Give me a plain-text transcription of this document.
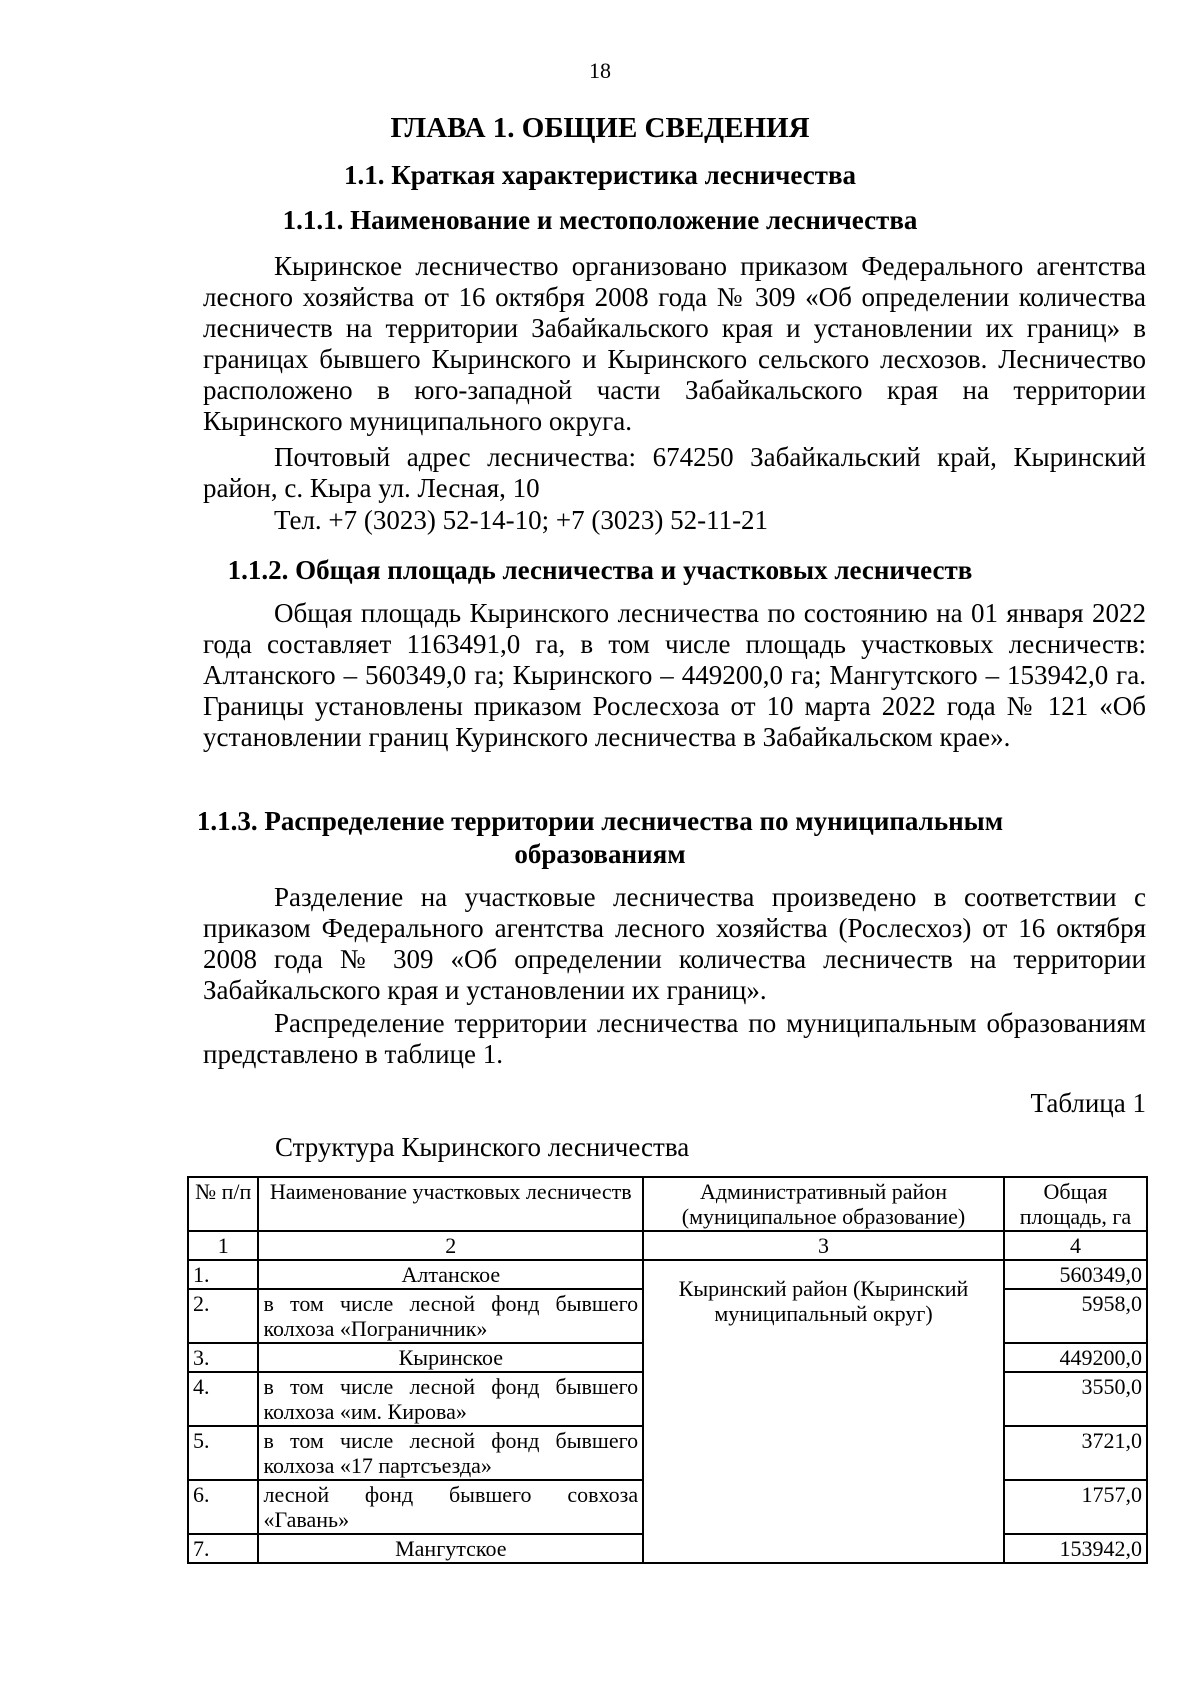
18
ГЛАВА 1. ОБЩИЕ СВЕДЕНИЯ
1.1. Краткая характеристика лесничества
1.1.1. Наименование и местоположение лесничества

Кыринское лесничество организовано приказом Федерального агентства лесного хозяйства от 16 октября 2008 года № 309 «Об определении количества лесничеств на территории Забайкальского края и установлении их границ» в границах бывшего Кыринского и Кыринского сельского лесхозов. Лесничество расположено в юго-западной части Забайкальского края на территории Кыринского муниципального округа.

Почтовый адрес лесничества: 674250 Забайкальский край, Кыринский район, с. Кыра ул. Лесная, 10

Тел. +7 (3023) 52-14-10; +7 (3023) 52-11-21

1.1.2. Общая площадь лесничества и участковых лесничеств

Общая площадь Кыринского лесничества по состоянию на 01 января 2022 года составляет 1163491,0 га, в том числе площадь участковых лесничеств: Алтанского – 560349,0 га; Кыринского – 449200,0 га; Мангутского – 153942,0 га. Границы установлены приказом Рослесхоза от 10 марта 2022 года № 121 «Об установлении границ Куринского лесничества в Забайкальском крае».

1.1.3. Распределение территории лесничества по муниципальным
образованиям

Разделение на участковые лесничества произведено в соответствии с приказом Федерального агентства лесного хозяйства (Рослесхоз) от 16 октября 2008 года № 309 «Об определении количества лесничеств на территории Забайкальского края и установлении их границ».

Распределение территории лесничества по муниципальным образованиям представлено в таблице 1.

Таблица 1
Структура Кыринского лесничества
№ п/п	Наименование участковых лесничеств	Административный район (муниципальное образование)	Общая площадь, га
1	2	3	4
1.	Алтанское	Кыринский район (Кыринский муниципальный округ)	560349,0
2.	в том числе лесной фонд бывшего колхоза «Пограничник»		5958,0
3.	Кыринское		449200,0
4.	в том числе лесной фонд бывшего колхоза «им. Кирова»		3550,0
5.	в том числе лесной фонд бывшего колхоза «17 партсъезда»		3721,0
6.	лесной фонд бывшего совхоза «Гавань»		1757,0
7.	Мангутское		153942,0
